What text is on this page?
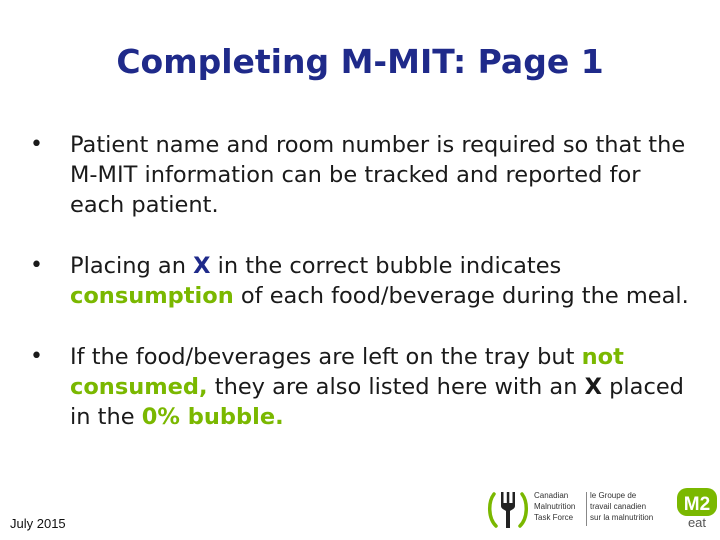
Completing M-MIT: Page 1
• Patient name and room number is required so that the M-MIT information can be tracked and reported for each patient.
• Placing an X in the correct bubble indicates consumption of each food/beverage during the meal.
• If the food/beverages are left on the tray but not consumed, they are also listed here with an X placed in the 0% bubble.
July 2015
Canadian
Malnutrition
Task Force
le Groupe de
travail canadien
sur la malnutrition
M2
eat
